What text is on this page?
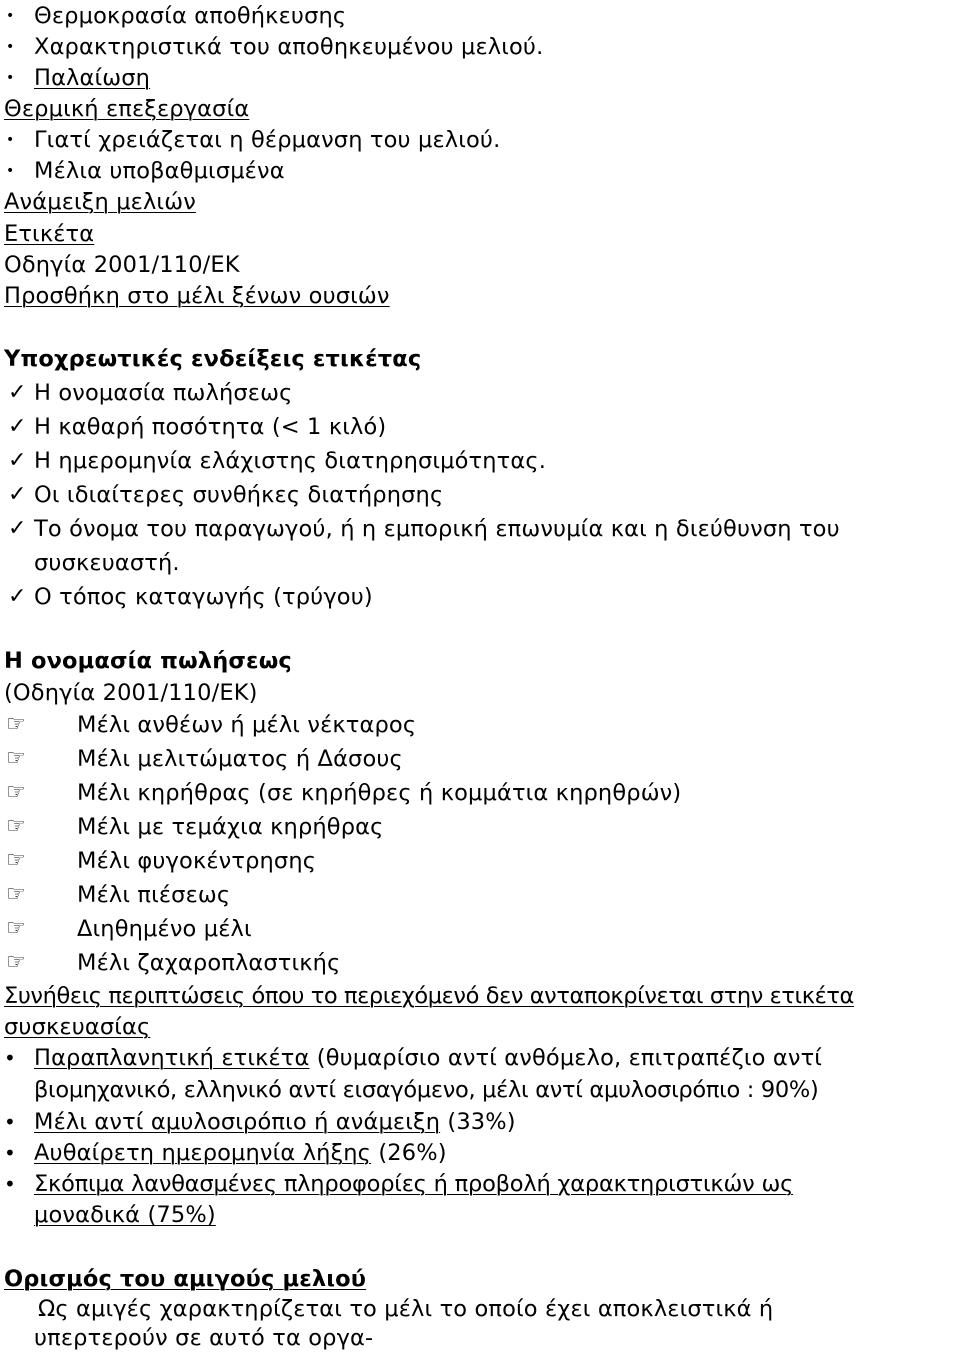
• Θερμοκρασία αποθήκευσης
• Χαρακτηριστικά του αποθηκευμένου μελιού.
• Παλαίωση
Θερμική επεξεργασία
• Γιατί χρειάζεται η θέρμανση του μελιού.
• Μέλια υποβαθμισμένα
Ανάμειξη μελιών
Ετικέτα
Οδηγία 2001/110/ΕΚ
Προσθήκη στο μέλι ξένων ουσιών
Υποχρεωτικές ενδείξεις ετικέτας
✓ Η ονομασία πωλήσεως
✓ Η καθαρή ποσότητα (< 1 κιλό)
✓ Η ημερομηνία ελάχιστης διατηρησιμότητας.
✓ Οι ιδιαίτερες συνθήκες διατήρησης
✓ Το όνομα του παραγωγού, ή η εμπορική επωνυμία και η διεύθυνση του
συσκευαστή.
✓ Ο τόπος καταγωγής (τρύγου)
Η ονομασία πωλήσεως
(Οδηγία 2001/110/ΕΚ)
☞ Μέλι ανθέων ή μέλι νέκταρος
☞ Μέλι μελιτώματος ή Δάσους
☞ Μέλι κηρήθρας (σε κηρήθρες ή κομμάτια κηρηθρών)
☞ Μέλι με τεμάχια κηρήθρας
☞ Μέλι φυγοκέντρησης
☞ Μέλι πιέσεως
☞ Διηθημένο μέλι
☞ Μέλι ζαχαροπλαστικής
Συνήθεις περιπτώσεις όπου το περιεχόμενό δεν ανταποκρίνεται στην ετικέτα
συσκευασίας
• Παραπλανητική ετικέτα (θυμαρίσιο αντί ανθόμελο, επιτραπέζιο αντί
βιομηχανικό, ελληνικό αντί εισαγόμενο, μέλι αντί αμυλοσιρόπιο : 90%)
• Μέλι αντί αμυλοσιρόπιο ή ανάμειξη (33%)
• Αυθαίρετη ημερομηνία λήξης (26%)
• Σκόπιμα λανθασμένες πληροφορίες ή προβολή χαρακτηριστικών ως
μοναδικά (75%)
Ορισμός του αμιγούς μελιού
Ως αμιγές χαρακτηρίζεται το μέλι το οποίο έχει αποκλειστικά ή
υπερτερούν σε αυτό τα οργα-
